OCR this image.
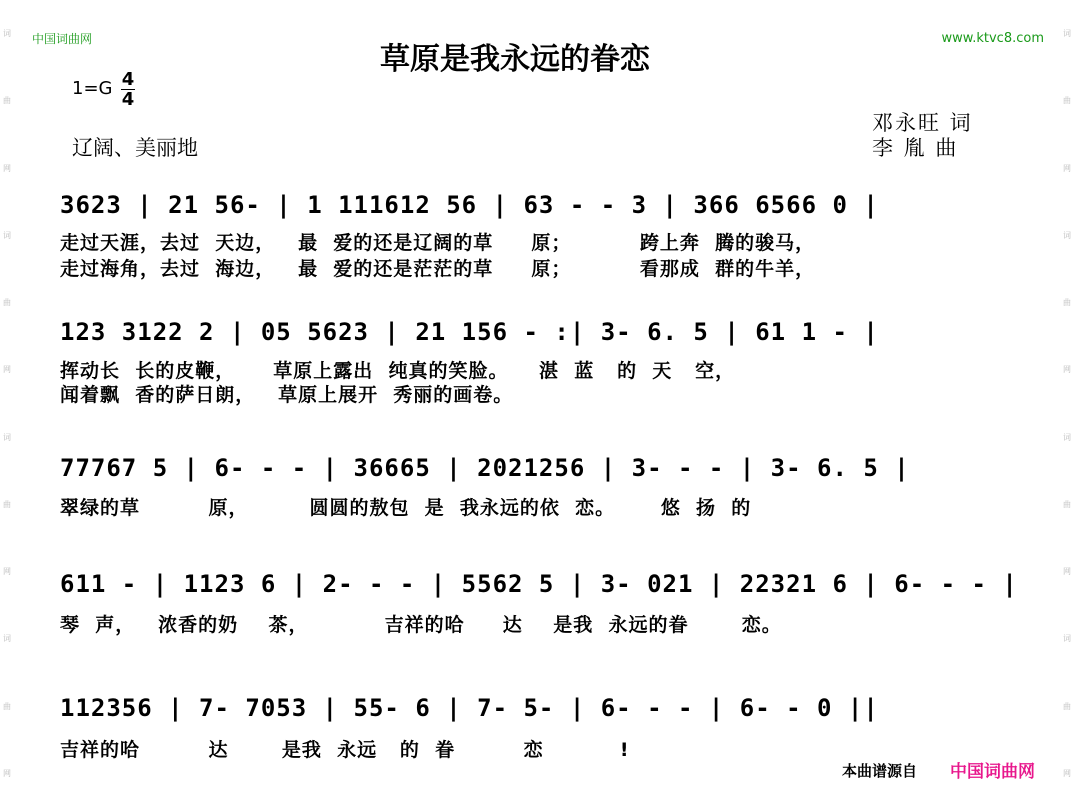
词
曲
网
词
曲
网
词
曲
网
词
曲
网
词
曲
网
词
曲
网
词
曲
网
词
曲
网
中国词曲网	www.ktvc8.com
草原是我永远的眷恋
1=G 4
4
辽阔、美丽地
邓永旺 词
李 胤 曲
3623 | 21 56- | 1 111612 56 | 63 - - 3 | 366 6566 0 |
走过天涯，去过  天边，   最  爱的还是辽阔的草     原；         跨上奔  腾的骏马，
走过海角，去过  海边，   最  爱的还是茫茫的草     原；         看那成  群的牛羊，
123 3122 2 | 05 5623 | 21 156 - :| 3- 6. 5 | 61 1 - |
挥动长  长的皮鞭，     草原上露出  纯真的笑脸。    湛  蓝   的  天   空，
闻着飘  香的萨日朗，   草原上展开  秀丽的画卷。
77767 5 | 6- - - | 36665 | 2021256 | 3- - - | 3- 6. 5 |
翠绿的草         原，        圆圆的敖包  是  我永远的依  恋。      悠  扬  的
611 - | 1123 6 | 2- - - | 5562 5 | 3- 021 | 22321 6 | 6- - - |
琴  声，   浓香的奶    茶，          吉祥的哈     达    是我  永远的眷       恋。
112356 | 7- 7053 | 55- 6 | 7- 5- | 6- - - | 6- - 0 ||
吉祥的哈         达       是我  永远   的  眷         恋          !
本曲谱源自 中国词曲网
